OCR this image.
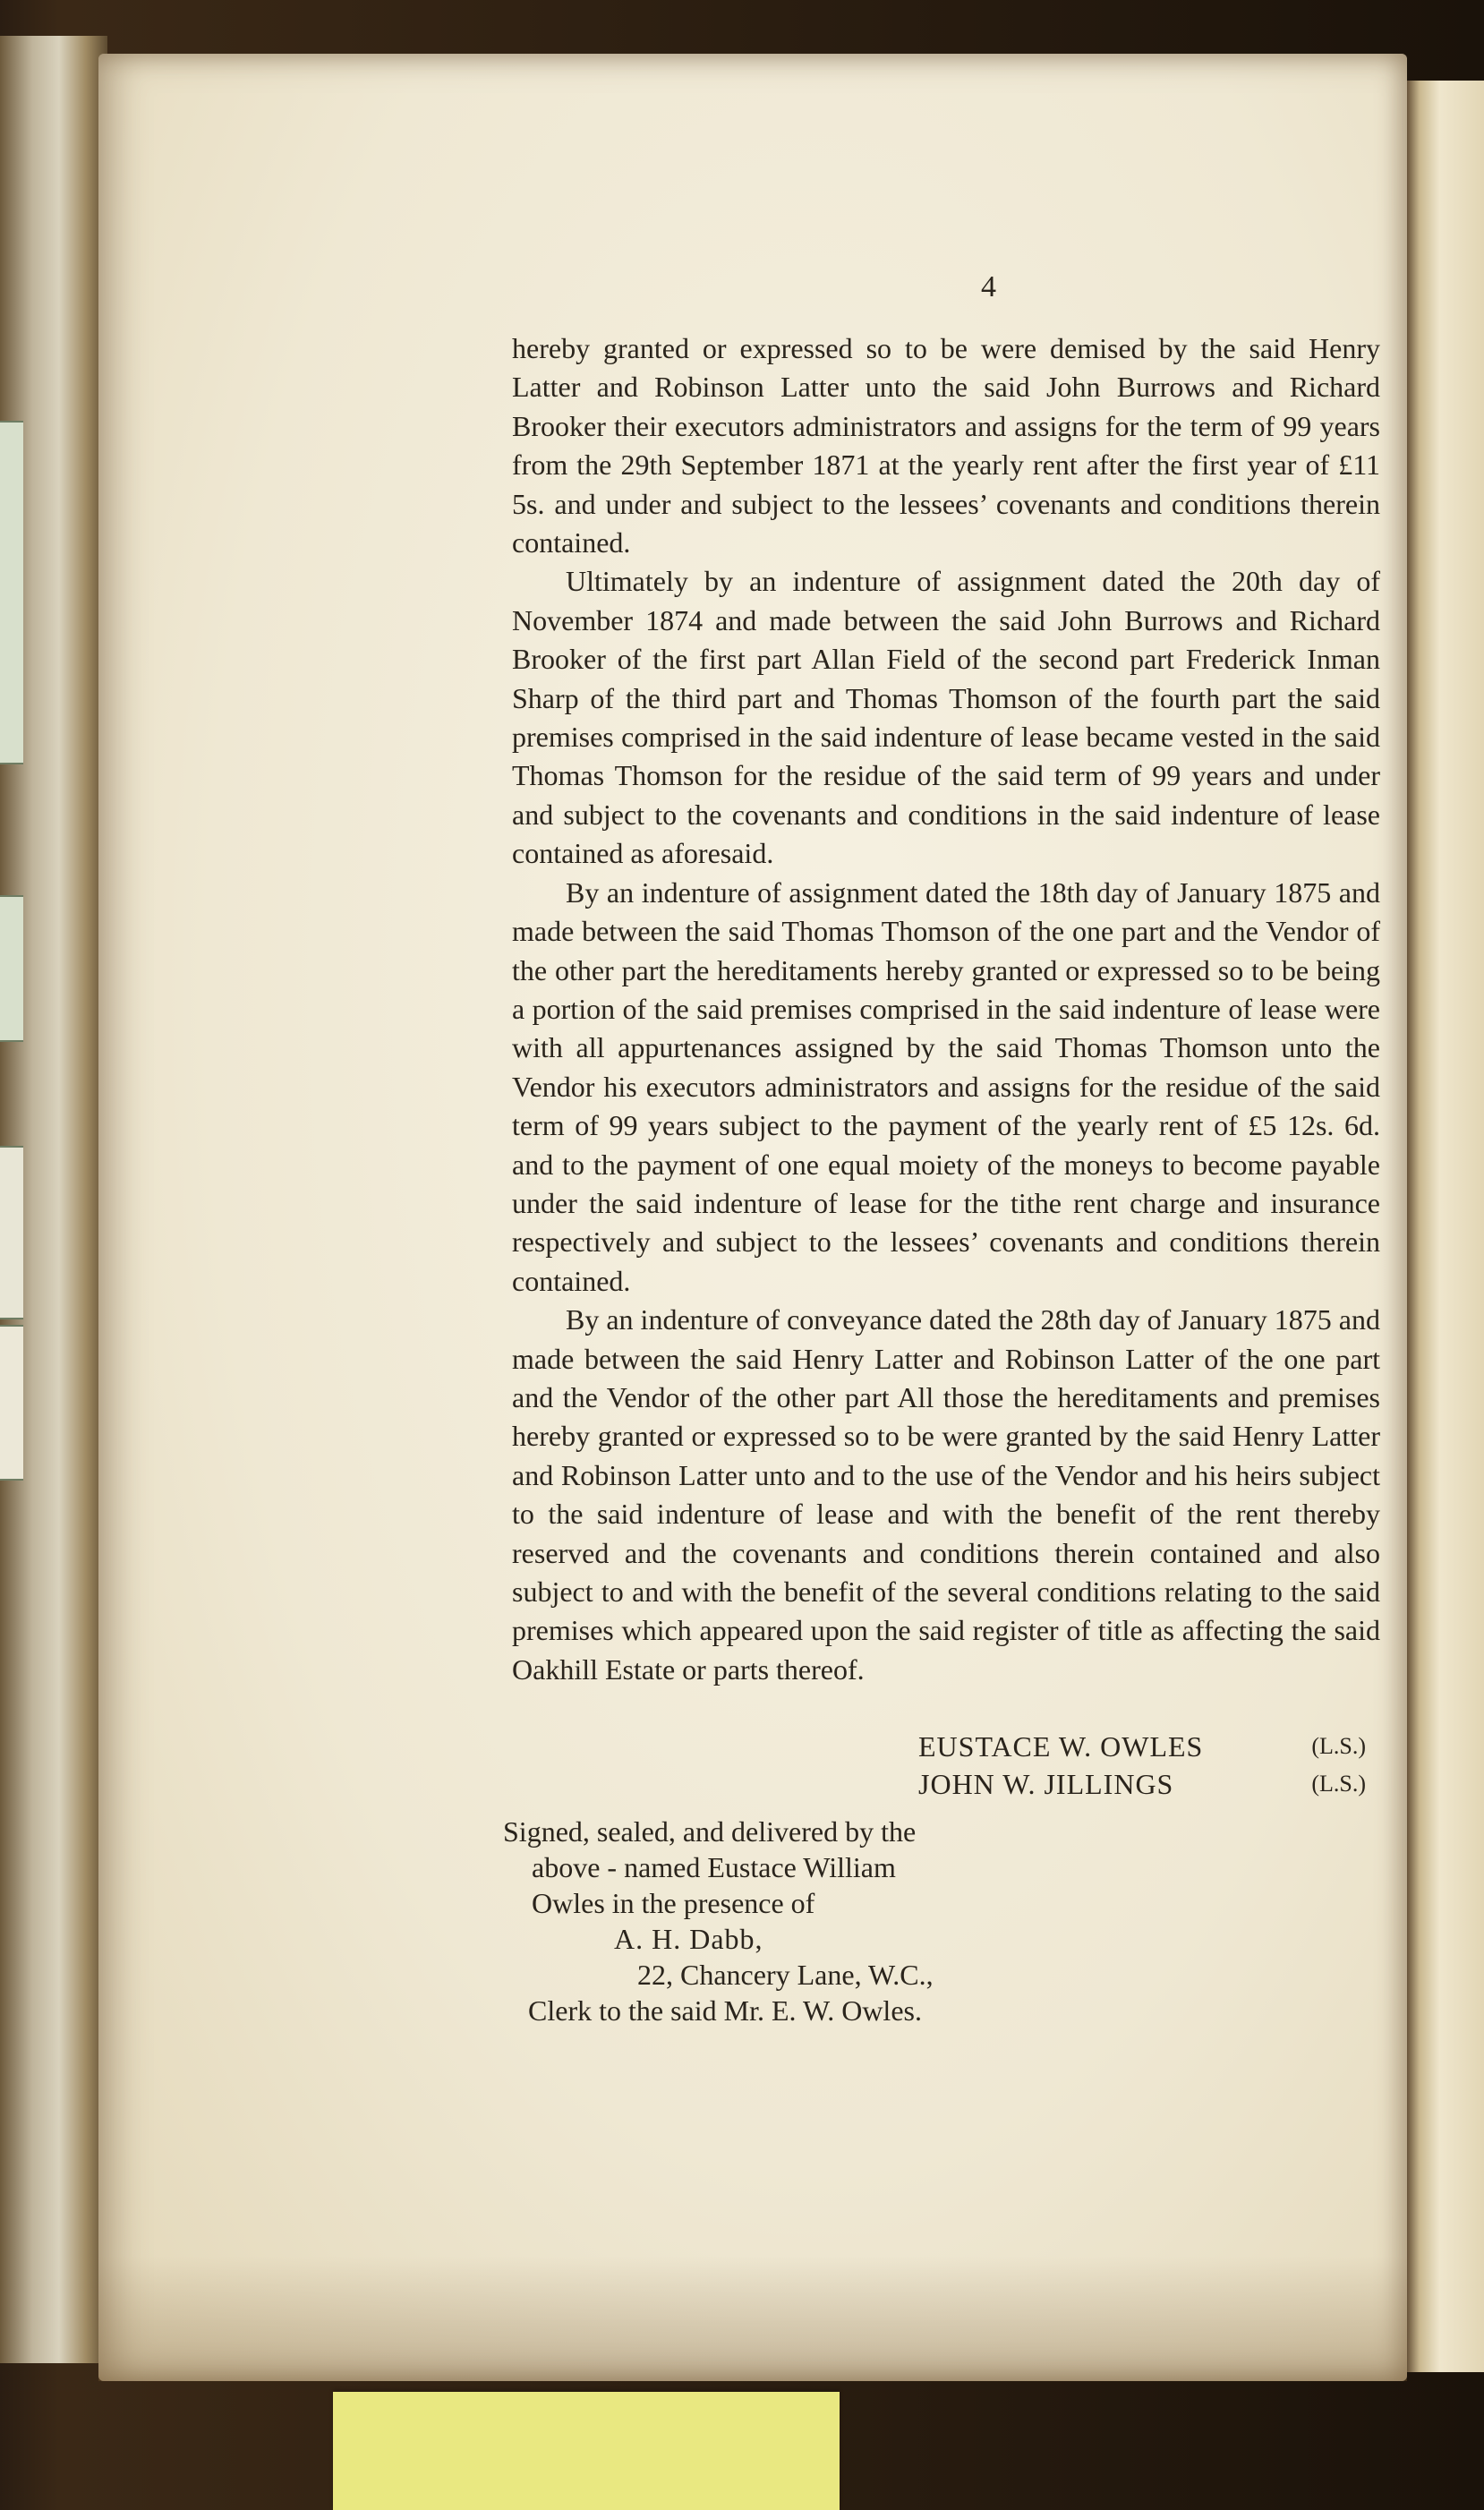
4

hereby granted or expressed so to be were demised by the said Henry Latter and Robinson Latter unto the said John Burrows and Richard Brooker their executors administrators and assigns for the term of 99 years from the 29th September 1871 at the yearly rent after the first year of £11 5s. and under and subject to the lessees’ covenants and conditions therein contained.

Ultimately by an indenture of assignment dated the 20th day of November 1874 and made between the said John Burrows and Richard Brooker of the first part Allan Field of the second part Frederick Inman Sharp of the third part and Thomas Thomson of the fourth part the said premises comprised in the said indenture of lease became vested in the said Thomas Thomson for the residue of the said term of 99 years and under and subject to the covenants and conditions in the said indenture of lease contained as aforesaid.

By an indenture of assignment dated the 18th day of January 1875 and made between the said Thomas Thomson of the one part and the Vendor of the other part the hereditaments hereby granted or expressed so to be being a portion of the said premises comprised in the said indenture of lease were with all appurtenances assigned by the said Thomas Thomson unto the Vendor his executors administrators and assigns for the residue of the said term of 99 years subject to the payment of the yearly rent of £5 12s. 6d. and to the payment of one equal moiety of the moneys to become payable under the said indenture of lease for the tithe rent charge and insurance respectively and subject to the lessees’ covenants and conditions therein contained.

By an indenture of conveyance dated the 28th day of January 1875 and made between the said Henry Latter and Robinson Latter of the one part and the Vendor of the other part All those the hereditaments and premises hereby granted or expressed so to be were granted by the said Henry Latter and Robinson Latter unto and to the use of the Vendor and his heirs subject to the said indenture of lease and with the benefit of the rent thereby reserved and the covenants and conditions therein contained and also subject to and with the benefit of the several conditions relating to the said premises which appeared upon the said register of title as affecting the said Oakhill Estate or parts thereof.

EUSTACE W. OWLES	(L.S.)
JOHN W. JILLINGS	(L.S.)
Signed, sealed, and delivered by the
above - named Eustace William
Owles in the presence of
A. H. Dabb,
22, Chancery Lane, W.C.,
Clerk to the said Mr. E. W. Owles.
